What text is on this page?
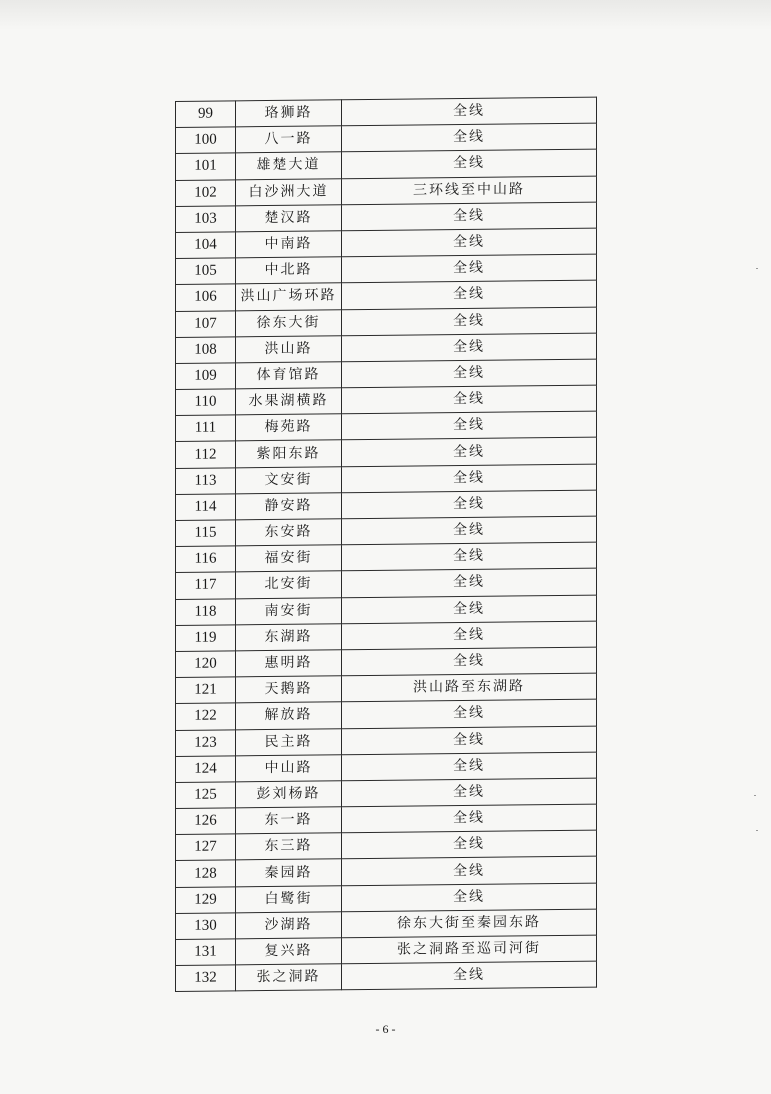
99	珞狮路	全线
100	八一路	全线
101	雄楚大道	全线
102	白沙洲大道	三环线至中山路
103	楚汉路	全线
104	中南路	全线
105	中北路	全线
106	洪山广场环路	全线
107	徐东大街	全线
108	洪山路	全线
109	体育馆路	全线
110	水果湖横路	全线
111	梅苑路	全线
112	紫阳东路	全线
113	文安街	全线
114	静安路	全线
115	东安路	全线
116	福安街	全线
117	北安街	全线
118	南安街	全线
119	东湖路	全线
120	惠明路	全线
121	天鹅路	洪山路至东湖路
122	解放路	全线
123	民主路	全线
124	中山路	全线
125	彭刘杨路	全线
126	东一路	全线
127	东三路	全线
128	秦园路	全线
129	白鹭街	全线
130	沙湖路	徐东大街至秦园东路
131	复兴路	张之洞路至巡司河街
132	张之洞路	全线
- 6 -
